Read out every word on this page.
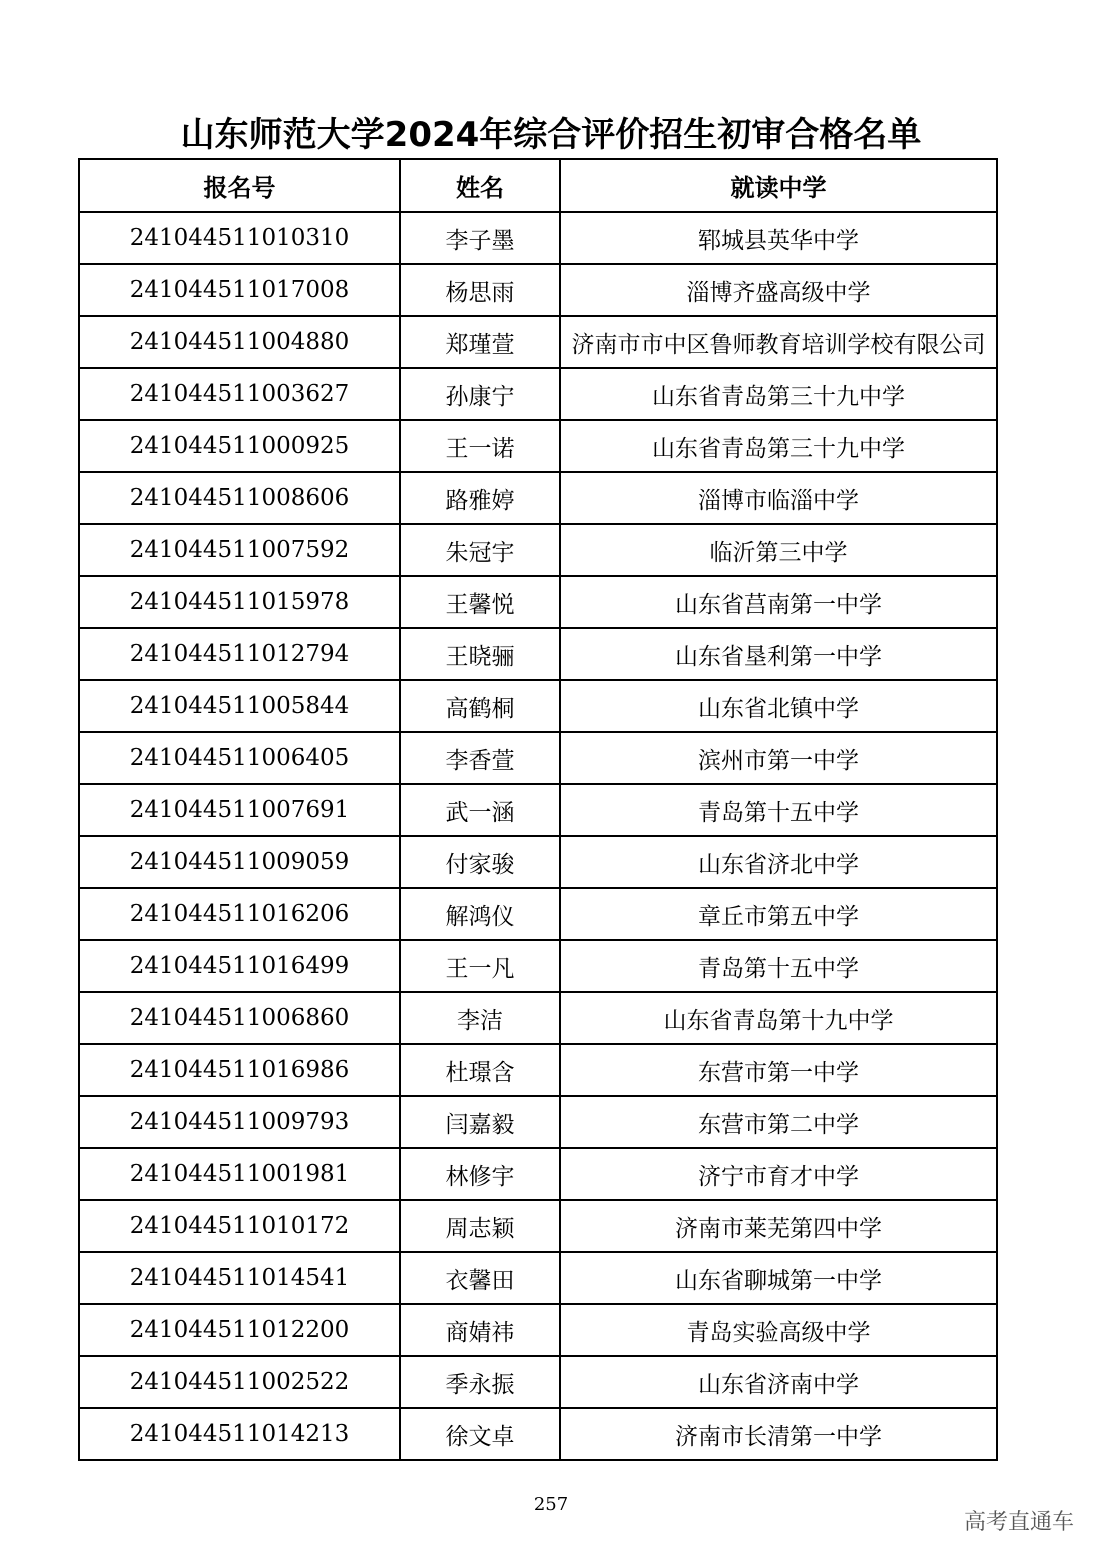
山东师范大学2024年综合评价招生初审合格名单
报名号	姓名	就读中学
241044511010310	李子墨	郓城县英华中学
241044511017008	杨思雨	淄博齐盛高级中学
241044511004880	郑瑾萱	济南市市中区鲁师教育培训学校有限公司
241044511003627	孙康宁	山东省青岛第三十九中学
241044511000925	王一诺	山东省青岛第三十九中学
241044511008606	路雅婷	淄博市临淄中学
241044511007592	朱冠宇	临沂第三中学
241044511015978	王馨悦	山东省莒南第一中学
241044511012794	王晓骊	山东省垦利第一中学
241044511005844	高鹤桐	山东省北镇中学
241044511006405	李香萱	滨州市第一中学
241044511007691	武一涵	青岛第十五中学
241044511009059	付家骏	山东省济北中学
241044511016206	解鸿仪	章丘市第五中学
241044511016499	王一凡	青岛第十五中学
241044511006860	李洁	山东省青岛第十九中学
241044511016986	杜璟含	东营市第一中学
241044511009793	闫嘉毅	东营市第二中学
241044511001981	林修宇	济宁市育才中学
241044511010172	周志颖	济南市莱芜第四中学
241044511014541	衣馨田	山东省聊城第一中学
241044511012200	商婧祎	青岛实验高级中学
241044511002522	季永振	山东省济南中学
241044511014213	徐文卓	济南市长清第一中学
257
高考直通车
